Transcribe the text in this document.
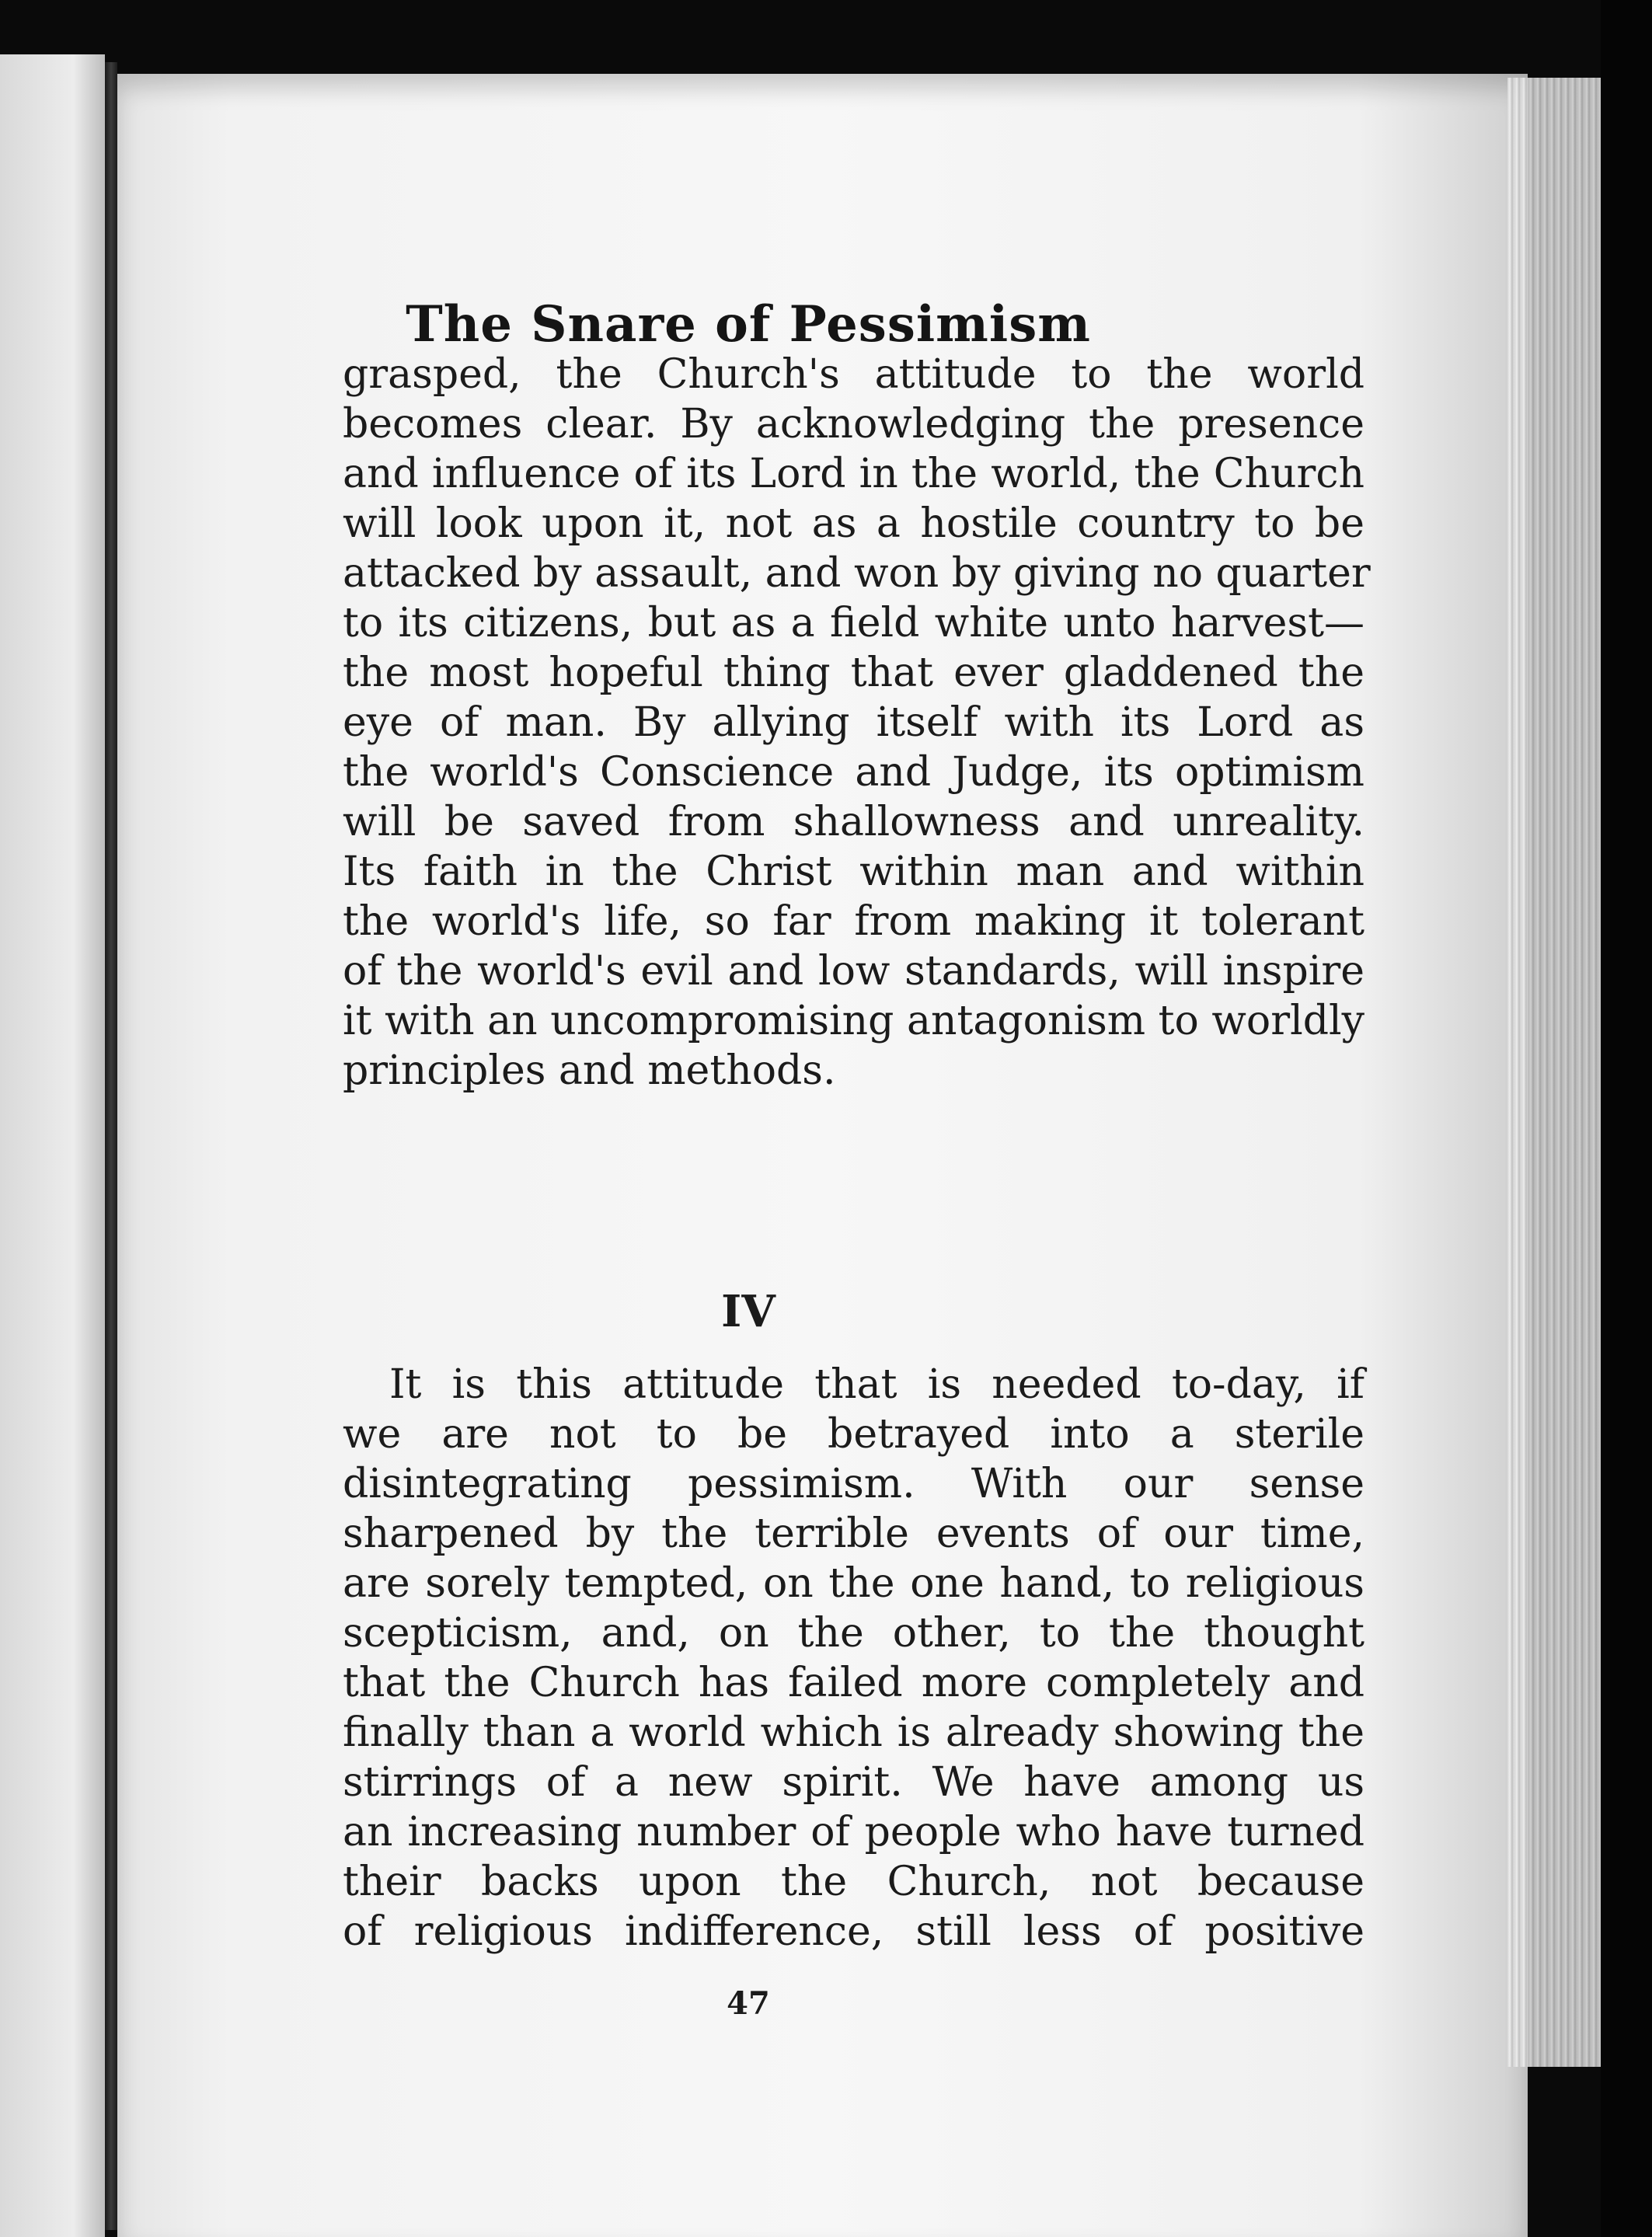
The Snare of Pessimism

grasped, the Church's attitude to the world
becomes clear. By acknowledging the presence
and influence of its Lord in the world, the Church
will look upon it, not as a hostile country to be
attacked by assault, and won by giving no quarter
to its citizens, but as a field white unto harvest—
the most hopeful thing that ever gladdened the
eye of man. By allying itself with its Lord as
the world's Conscience and Judge, its optimism
will be saved from shallowness and unreality.
Its faith in the Christ within man and within
the world's life, so far from making it tolerant
of the world's evil and low standards, will inspire
it with an uncompromising antagonism to worldly
principles and methods.

IV

It is this attitude that is needed to-day, if
we are not to be betrayed into a sterile
disintegrating pessimism. With our sense
sharpened by the terrible events of our time,
are sorely tempted, on the one hand, to religious
scepticism, and, on the other, to the thought
that the Church has failed more completely and
finally than a world which is already showing the
stirrings of a new spirit. We have among us
an increasing number of people who have turned
their backs upon the Church, not because
of religious indifference, still less of positive

47
